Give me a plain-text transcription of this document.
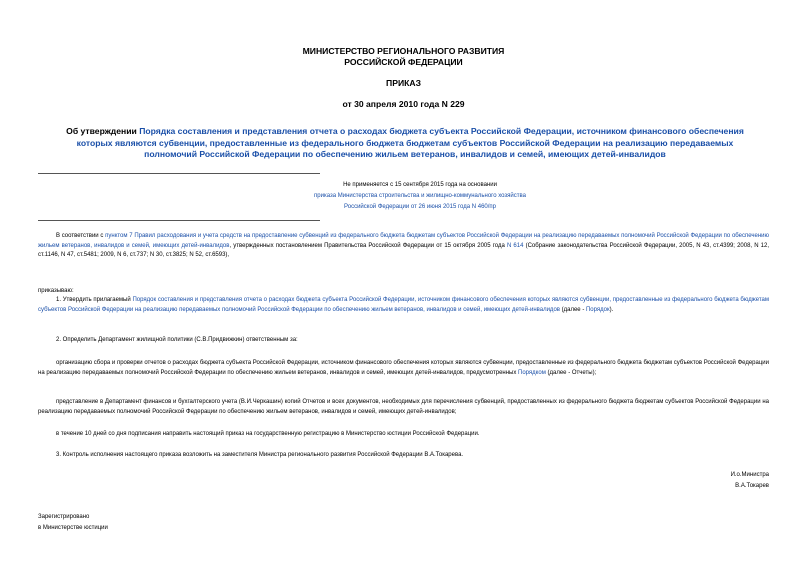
МИНИСТЕРСТВО РЕГИОНАЛЬНОГО РАЗВИТИЯ
РОССИЙСКОЙ ФЕДЕРАЦИИ
ПРИКАЗ
от 30 апреля 2010 года N 229
Об утверждении Порядка составления и представления отчета о расходах бюджета субъекта Российской Федерации, источником финансового обеспечения которых являются субвенции, предоставленные из федерального бюджета бюджетам субъектов Российской Федерации на реализацию передаваемых полномочий Российской Федерации по обеспечению жильем ветеранов, инвалидов и семей, имеющих детей-инвалидов
Не применяется с 15 сентября 2015 года на основании
приказа Министерства строительства и жилищно-коммунального хозяйства
Российской Федерации от 26 июня 2015 года N 460/пр
В соответствии с пунктом 7 Правил расходования и учета средств на предоставление субвенций из федерального бюджета бюджетам субъектов Российской Федерации на реализацию передаваемых полномочий Российской Федерации по обеспечению жильем ветеранов, инвалидов и семей, имеющих детей-инвалидов, утвержденных постановлением Правительства Российской Федерации от 15 октября 2005 года N 614 (Собрание законодательства Российской Федерации, 2005, N 43, ст.4399; 2008, N 12, ст.1146, N 47, ст.5481; 2009, N 6, ст.737; N 30, ст.3825; N 52, ст.6593),
приказываю:
1. Утвердить прилагаемый Порядок составления и представления отчета о расходах бюджета субъекта Российской Федерации, источником финансового обеспечения которых являются субвенции, предоставленные из федерального бюджета бюджетам субъектов Российской Федерации на реализацию передаваемых полномочий Российской Федерации по обеспечению жильем ветеранов, инвалидов и семей, имеющих детей-инвалидов (далее - Порядок).
2. Определить Департамент жилищной политики (С.В.Придвижкин) ответственным за:
организацию сбора и проверки отчетов о расходах бюджета субъекта Российской Федерации, источником финансового обеспечения которых являются субвенции, предоставленные из федерального бюджета бюджетам субъектов Российской Федерации на реализацию передаваемых полномочий Российской Федерации по обеспечению жильем ветеранов, инвалидов и семей, имеющих детей-инвалидов, предусмотренных Порядком (далее - Отчеты);
представление в Департамент финансов и бухгалтерского учета (В.И.Черкашин) копий Отчетов и всех документов, необходимых для перечисления субвенций, предоставленных из федерального бюджета бюджетам субъектов Российской Федерации на реализацию передаваемых полномочий Российской Федерации по обеспечению жильем ветеранов, инвалидов и семей, имеющих детей-инвалидов;
в течение 10 дней со дня подписания направить настоящий приказ на государственную регистрацию в Министерство юстиции Российской Федерации.
3. Контроль исполнения настоящего приказа возложить на заместителя Министра регионального развития Российской Федерации В.А.Токарева.
И.о.Министра
В.А.Токарев
Зарегистрировано
в Министерстве юстиции
